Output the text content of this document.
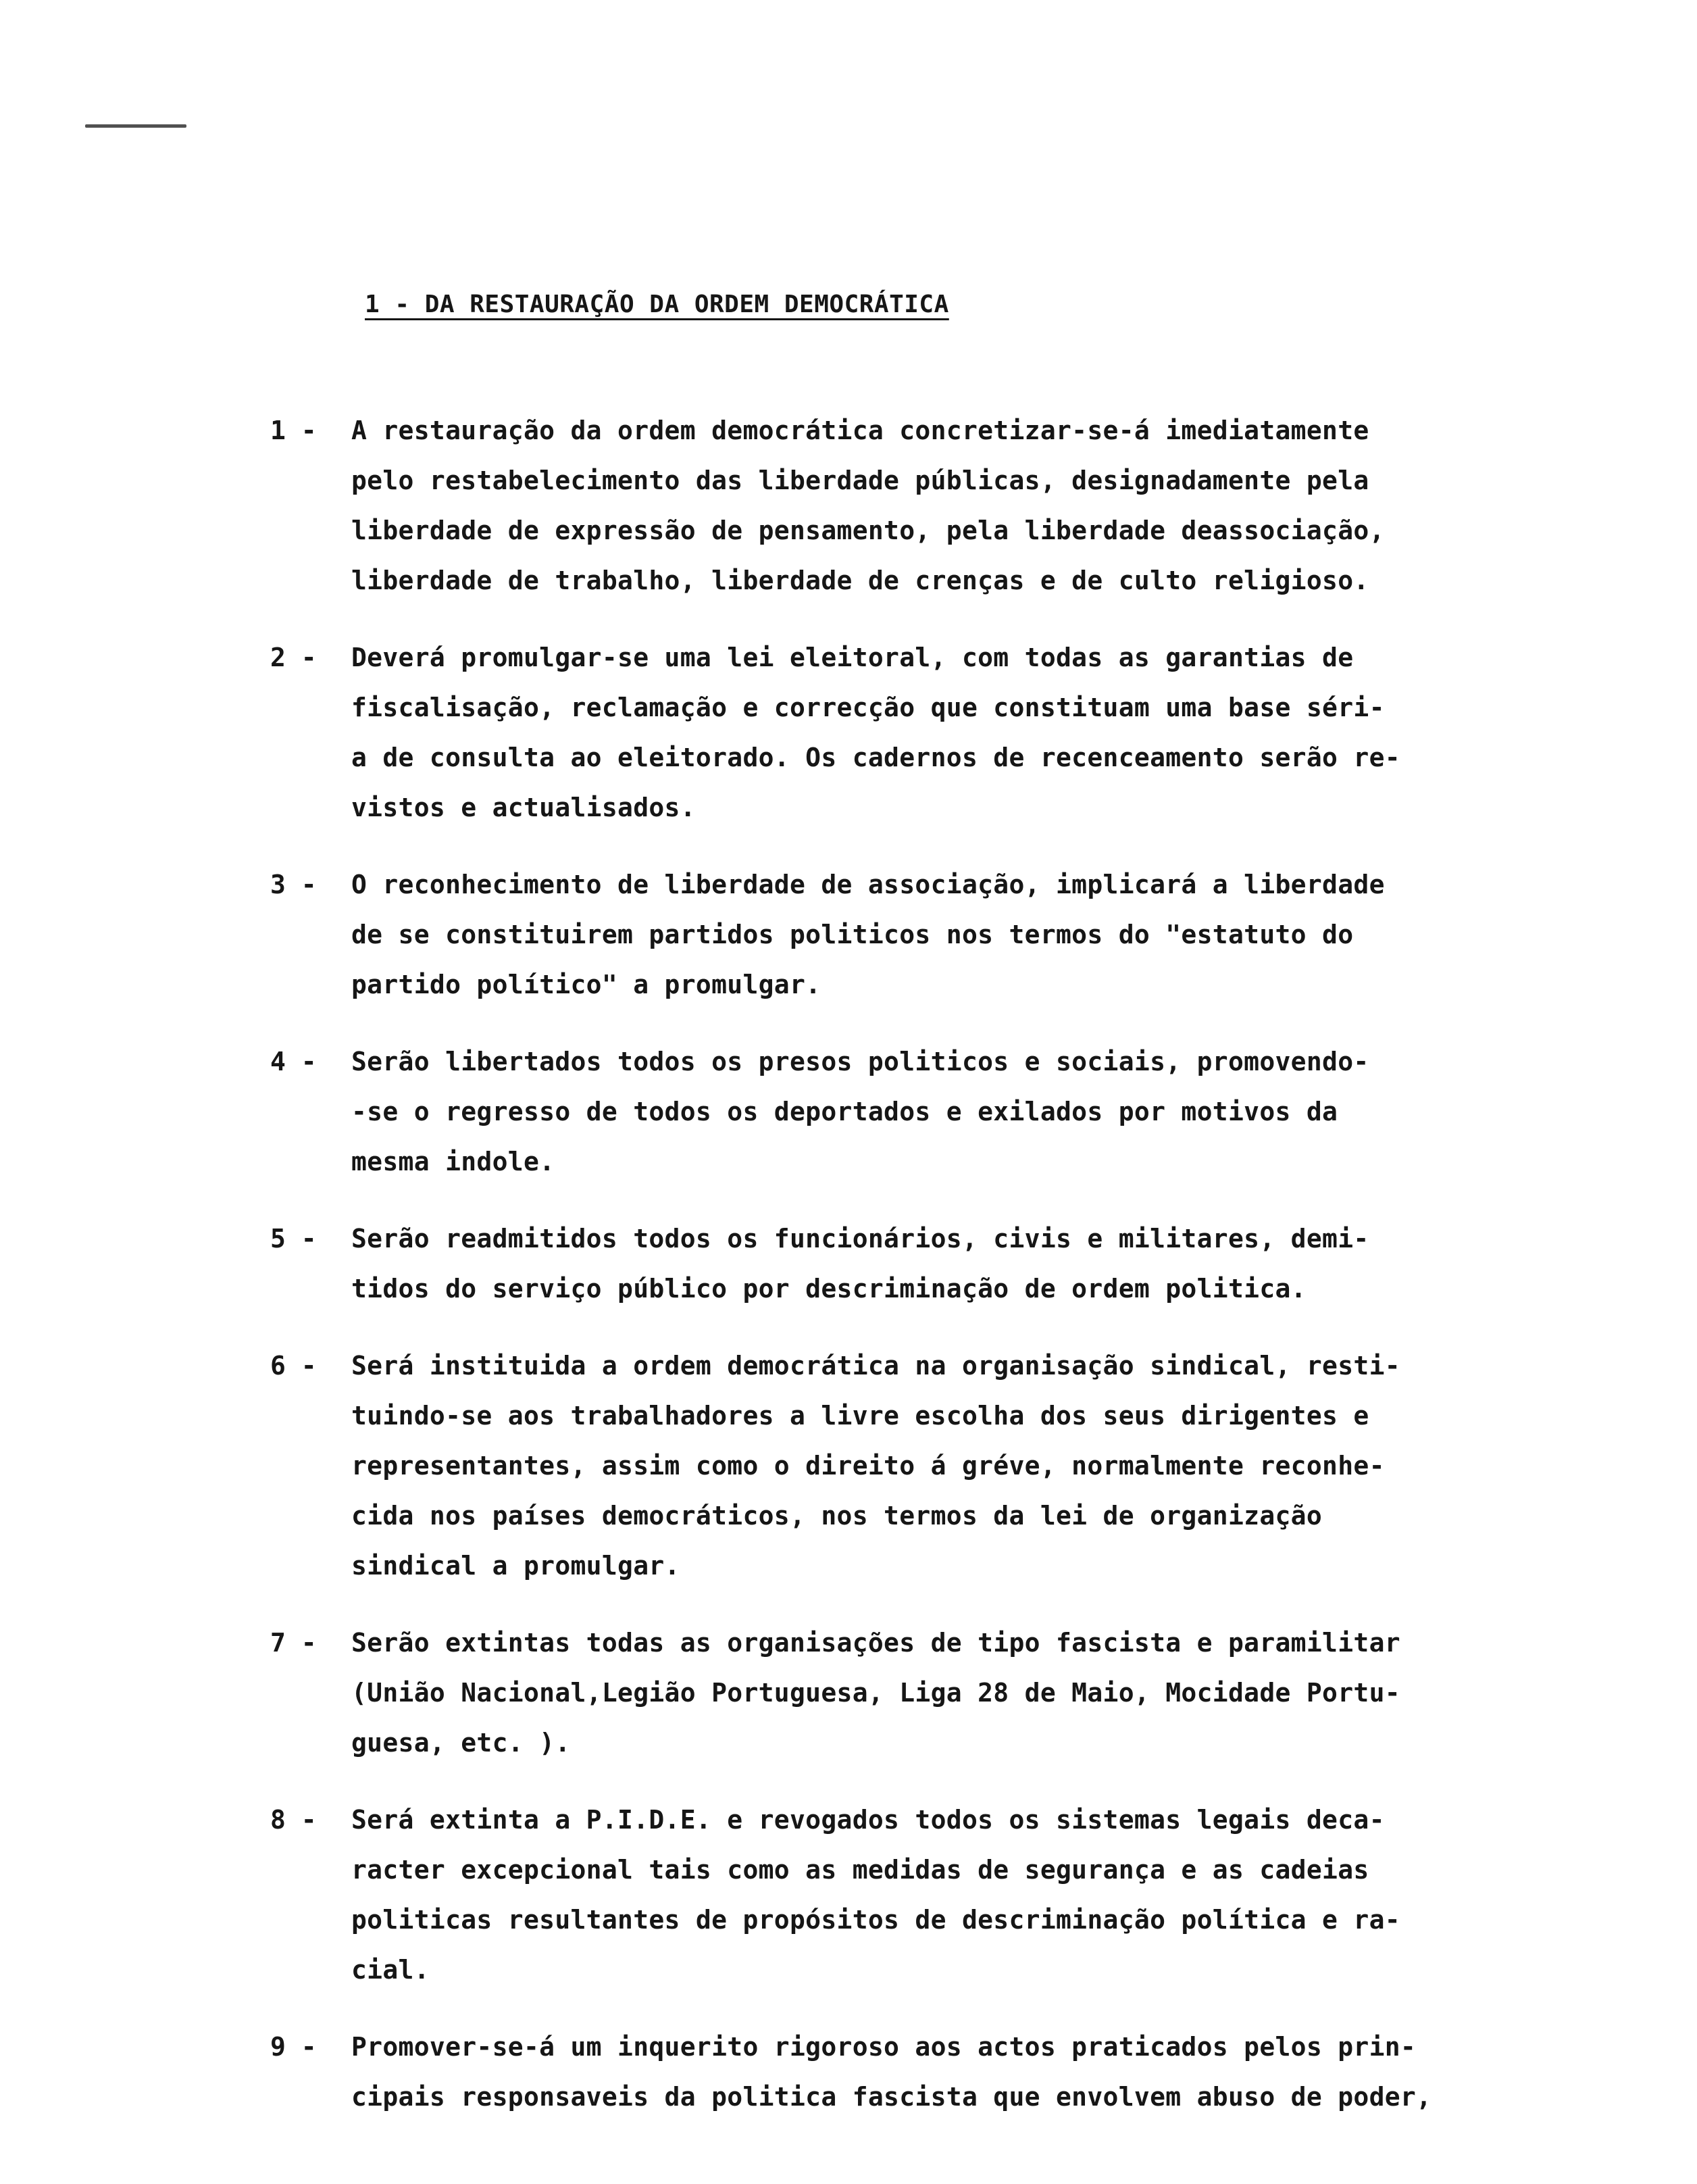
1 - DA RESTAURAÇÃO DA ORDEM DEMOCRÁTICA
1 -	A restauração da ordem democrática concretizar-se-á imediatamente
pelo restabelecimento das liberdade públicas, designadamente pela
liberdade de expressão de pensamento, pela liberdade deassociação,
liberdade de trabalho, liberdade de crenças e de culto religioso.
2 -	Deverá promulgar-se uma lei eleitoral, com todas as garantias de
fiscalisação, reclamação e correcção que constituam uma base séri-
a de consulta ao eleitorado. Os cadernos de recenceamento serão re-
vistos e actualisados.
3 -	O reconhecimento de liberdade de associação, implicará a liberdade
de se constituirem partidos politicos nos termos do "estatuto do
partido político" a promulgar.
4 -	Serão libertados todos os presos politicos e sociais, promovendo-
-se o regresso de todos os deportados e exilados por motivos da
mesma indole.
5 -	Serão readmitidos todos os funcionários, civis e militares, demi-
tidos do serviço público por descriminação de ordem politica.
6 -	Será instituida a ordem democrática na organisação sindical, resti-
tuindo-se aos trabalhadores a livre escolha dos seus dirigentes e
representantes, assim como o direito á gréve, normalmente reconhe-
cida nos países democráticos, nos termos da lei de organização
sindical a promulgar.
7 -	Serão extintas todas as organisações de tipo fascista e paramilitar
(União Nacional,Legião Portuguesa, Liga 28 de Maio, Mocidade Portu-
guesa, etc. ).
8 -	Será extinta a P.I.D.E. e revogados todos os sistemas legais deca-
racter excepcional tais como as medidas de segurança e as cadeias
politicas resultantes de propósitos de descriminação política e ra-
cial.
9 -	Promover-se-á um inquerito rigoroso aos actos praticados pelos prin-
cipais responsaveis da politica fascista que envolvem abuso de poder,
